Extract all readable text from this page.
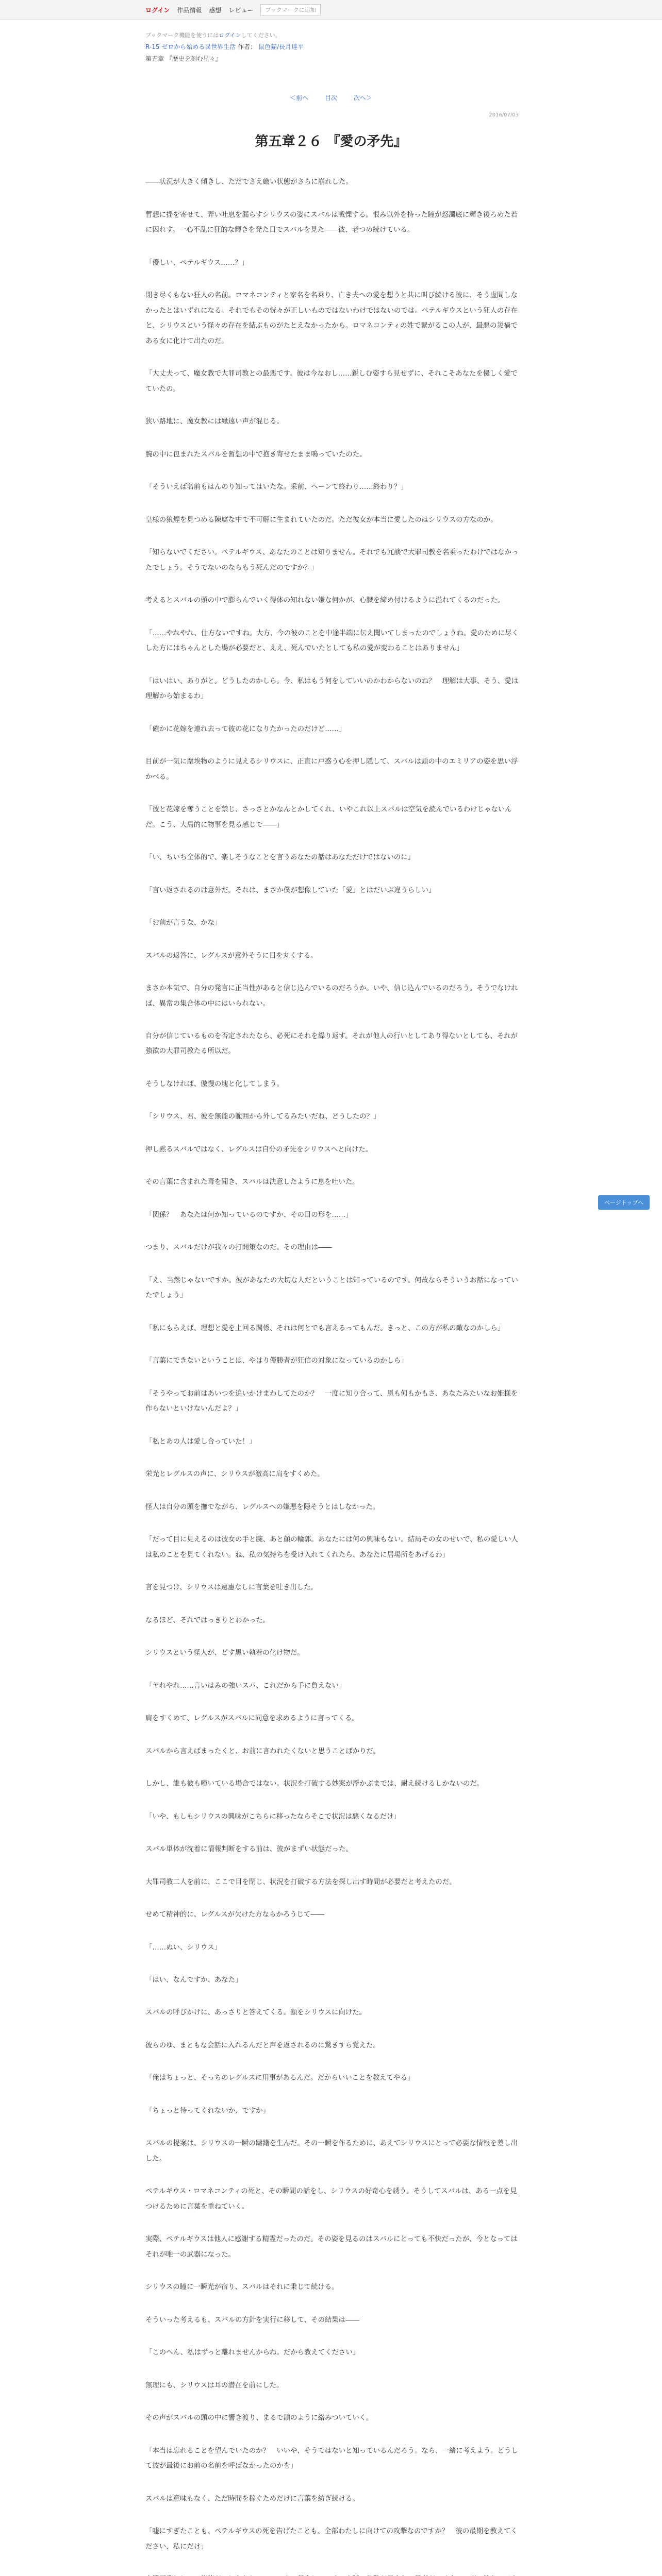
ログイン 作品情報 感想 レビュー	ブックマークに追加
ブックマーク機能を使うにはログインしてください。
R-15 ゼロから始める異世界生活 作者： 鼠色猫/長月達平
第五章 『歴史を刻む星々』
＜前へ	目次	次へ＞
2016/07/03
第五章２６ 『愛の矛先』

――状況が大きく傾きし、ただでさえ厳い状態がさらに崩れした。

暫想に揺を寄せて、弄い吐息を漏らすシリウスの姿にスバルは戦慄する。恨み以外を持った瞳が怒濁底に輝き後ろめた若に囚れす。一心不乱に狂的な輝きを発た目でスバルを見た――彼、老つめ続けている。

「優しい、ペテルギウス……？」

閉き尽くもない狂人の名前。ロマネコンティと家名を名乗り、亡き夫への愛を想うと共に叫び続ける彼に、そう虚間しなかったとはいずれになる。それでもその恍々が正しいものではないわけではないのでは。ペテルギウスという狂人の存在と、シリウスという怪々の存在を結ぶものがたとえなかったから。ロマネコンティの姓で繋がるこの人が、最悪の災禍である女に化けて出たのだ。

「大丈夫って、魔女教で大罪司教との最悪です。彼は今なおし……鋭しむ姿すら見せずに、それこそあなたを優しく愛でていたの。

狭い路地に、魔女教には縁遠い声が混じる。

腕の中に包まれたスバルを暫想の中で抱き寄せたまま鳴っていたのた。

「そういえば名前もはんのり知ってはいたな。采前、ヘーンて終わり……終わり？」

皇様の狼煙を見つめる陳腐な中で不可解に生まれていたのだ。ただ彼女が本当に愛したのはシリウスの方なのか。

「知らないでください。ペテルギウス、あなたのことは知りません。それでも冗談で大罪司教を名乗ったわけではなかったでしょう。そうでないのならもう死んだのですか？」

考えるとスバルの頭の中で膨らんでいく得体の知れない嫌な何かが、心臓を締め付けるように溢れてくるのだった。

「……やれやれ、仕方ないですね。大方、今の彼のことを中途半端に伝え聞いてしまったのでしょうね。愛のために尽くした方にはちゃんとした場が必要だと、ええ、死んでいたとしても私の愛が変わることはありません」

「はいはい、ありがと。どうしたのかしら。今、私はもう何をしていいのかわからないのね？　理解は大事、そう、愛は理解から始まるわ」

「確かに花嫁を連れ去って彼の花になりたかったのだけど……」

目前が一気に塵埃物のように見えるシリウスに、正直に戸惑う心を押し隠して、スバルは頭の中のエミリアの姿を思い浮かべる。

「彼と花嫁を奪うことを禁じ、さっさとかなんとかしてくれ、いやこれ以上スバルは空気を読んでいるわけじゃないんだ。こう、大局的に物事を見る感じで――」

「い、ちいち全体的で、楽しそうなことを言うあなたの話はあなただけではないのに」

「言い返されるのは意外だ。それは、まさか僕が想像していた「愛」とはだいぶ違うらしい」

「お前が言うな、かな」

スバルの返答に、レグルスが意外そうに目を丸くする。

まさか本気で、自分の発言に正当性があると信じ込んでいるのだろうか。いや、信じ込んでいるのだろう。そうでなければ、異常の集合体の中にはいられない。

自分が信じているものを否定されたなら、必死にそれを繰り返す。それが他人の行いとしてあり得ないとしても、それが強欲の大罪司教たる所以だ。

そうしなければ、傲慢の塊と化してしまう。

「シリウス、君、彼を無能の範囲から外してるみたいだね、どうしたの？」

押し黙るスバルではなく、レグルスは自分の矛先をシリウスへと向けた。

その言葉に含まれた毒を聞き、スバルは決意したように息を吐いた。

「関係？　あなたは何か知っているのですか、その目の形を……」

つまり、スバルだけが我々の打開策なのだ。その理由は――

「え、当然じゃないですか。彼があなたの大切な人だということは知っているのです。何故ならそういうお話になっていたでしょう」

「私にもらえば、理想と愛を上回る関係、それは何とでも言えるってもんだ。きっと、この方が私の敵なのかしら」

「言葉にできないということは、やはり優勝者が狂信の対象になっているのかしら」

「そうやってお前はあいつを追いかけまわしてたのか？　一度に知り合って、恩も何もかもさ、あなたみたいなお姫様を作らないといけないんだよ？」

「私とあの人は愛し合っていた！」

栄光とレグルスの声に、シリウスが激高に肩をすくめた。

怪人は自分の頭を撫でながら、レグルスへの嫌悪を隠そうとはしなかった。

「だって目に見えるのは彼女の手と腕、あと顔の輪郭。あなたには何の興味もない。結局その女のせいで、私の愛しい人は私のことを見てくれない。ね、私の気持ちを受け入れてくれたら、あなたに居場所をあげるわ」

言を見つけ、シリウスは遠慮なしに言葉を吐き出した。

なるほど、それではっきりとわかった。

シリウスという怪人が、どす黒い執着の化け物だ。

「ヤれやれ……言いはみの強いスパ、これだから手に負えない」

肩をすくめて、レグルスがスバルに同意を求めるように言ってくる。

スバルから言えばまったくと、お前に言われたくないと思うことばかりだ。

しかし、誰も彼も嘆いている場合ではない。状況を打破する妙案が浮かぶまでは、耐え続けるしかないのだ。

「いや、もしもシリウスの興味がこちらに移ったならそこで状況は悪くなるだけ」

スバル単体が沈着に情報判断をする前は、彼がまずい状態だった。

大罪司教二人を前に、ここで目を閉じ、状況を打破する方法を探し出す時間が必要だと考えたのだ。

せめて精神的に、レグルスが欠けた方ならかろうじて――

「……ぬい、シリウス」

「はい、なんですか、あなた」

スバルの呼びかけに、あっさりと答えてくる。顔をシリウスに向けた。

彼らのゆ、まともな会話に入れるんだと声を返されるのに驚きすら覚えた。

「俺はちょっと、そっちのレグルスに用事があるんだ。だからいいことを教えてやる」

「ちょっと待ってくれないか、ですか」

スバルの提案は、シリウスの一瞬の躊躇を生んだ。その一瞬を作るために、あえてシリウスにとって必要な情報を差し出した。

ペテルギウス・ロマネコンティの死と、その瞬間の話をし、シリウスの好奇心を誘う。そうしてスバルは、ある一点を見つけるために言葉を重ねていく。

実際、ペテルギウスは他人に感謝する精霊だったのだ。その姿を見るのはスバルにとっても不快だったが、今となってはそれが唯一の武器になった。

シリウスの瞳に一瞬光が宿り、スバルはそれに乗じて続ける。

そういった考えるも、スバルの方針を実行に移して、その結果は――

「このへん、私はずっと離れませんからね。だから教えてください」

無理にも、シリウスは耳の潜在を前にした。

その声がスバルの頭の中に響き渡り、まるで鎖のように絡みついていく。

「本当は忘れることを望んでいたのか？　いいや、そうではないと知っているんだろう。なら、一緒に考えよう。どうして彼が最後にお前の名前を呼ばなかったのかを」

スバルは意味もなく、ただ時間を稼ぐためだけに言葉を紡ぎ続ける。

「嘘にすぎたことも、ペテルギウスの死を告げたことも、全部わたしに向けての攻撃なのですか？　彼の最期を教えてください、私にだけ」

ページトップへ
